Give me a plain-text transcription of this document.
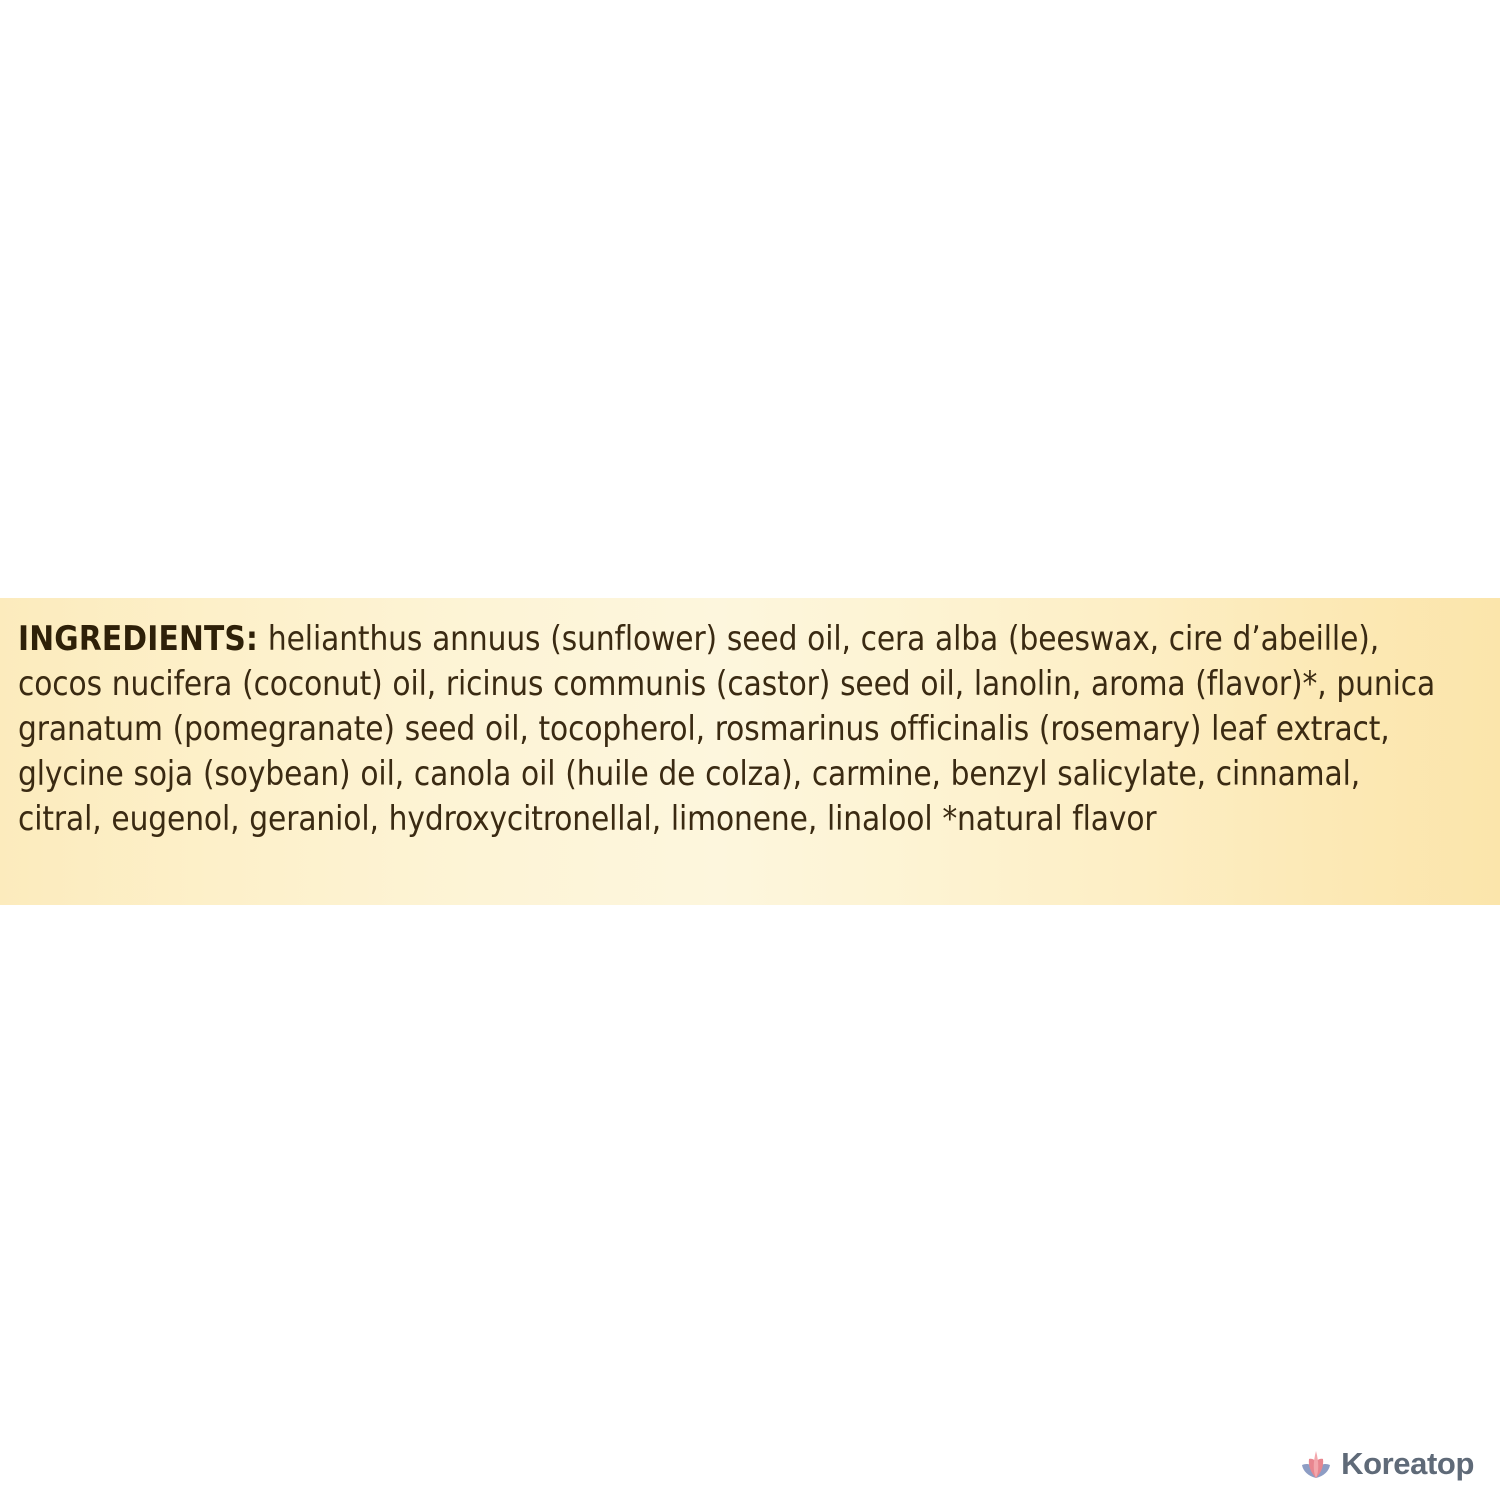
INGREDIENTS: helianthus annuus (sunflower) seed oil, cera alba (beeswax, cire d’abeille), cocos nucifera (coconut) oil, ricinus communis (castor) seed oil, lanolin, aroma (flavor)*, punica granatum (pomegranate) seed oil, tocopherol, rosmarinus officinalis (rosemary) leaf extract, glycine soja (soybean) oil, canola oil (huile de colza), carmine, benzyl salicylate, cinnamal, citral, eugenol, geraniol, hydroxycitronellal, limonene, linalool *natural flavor

Koreatop
